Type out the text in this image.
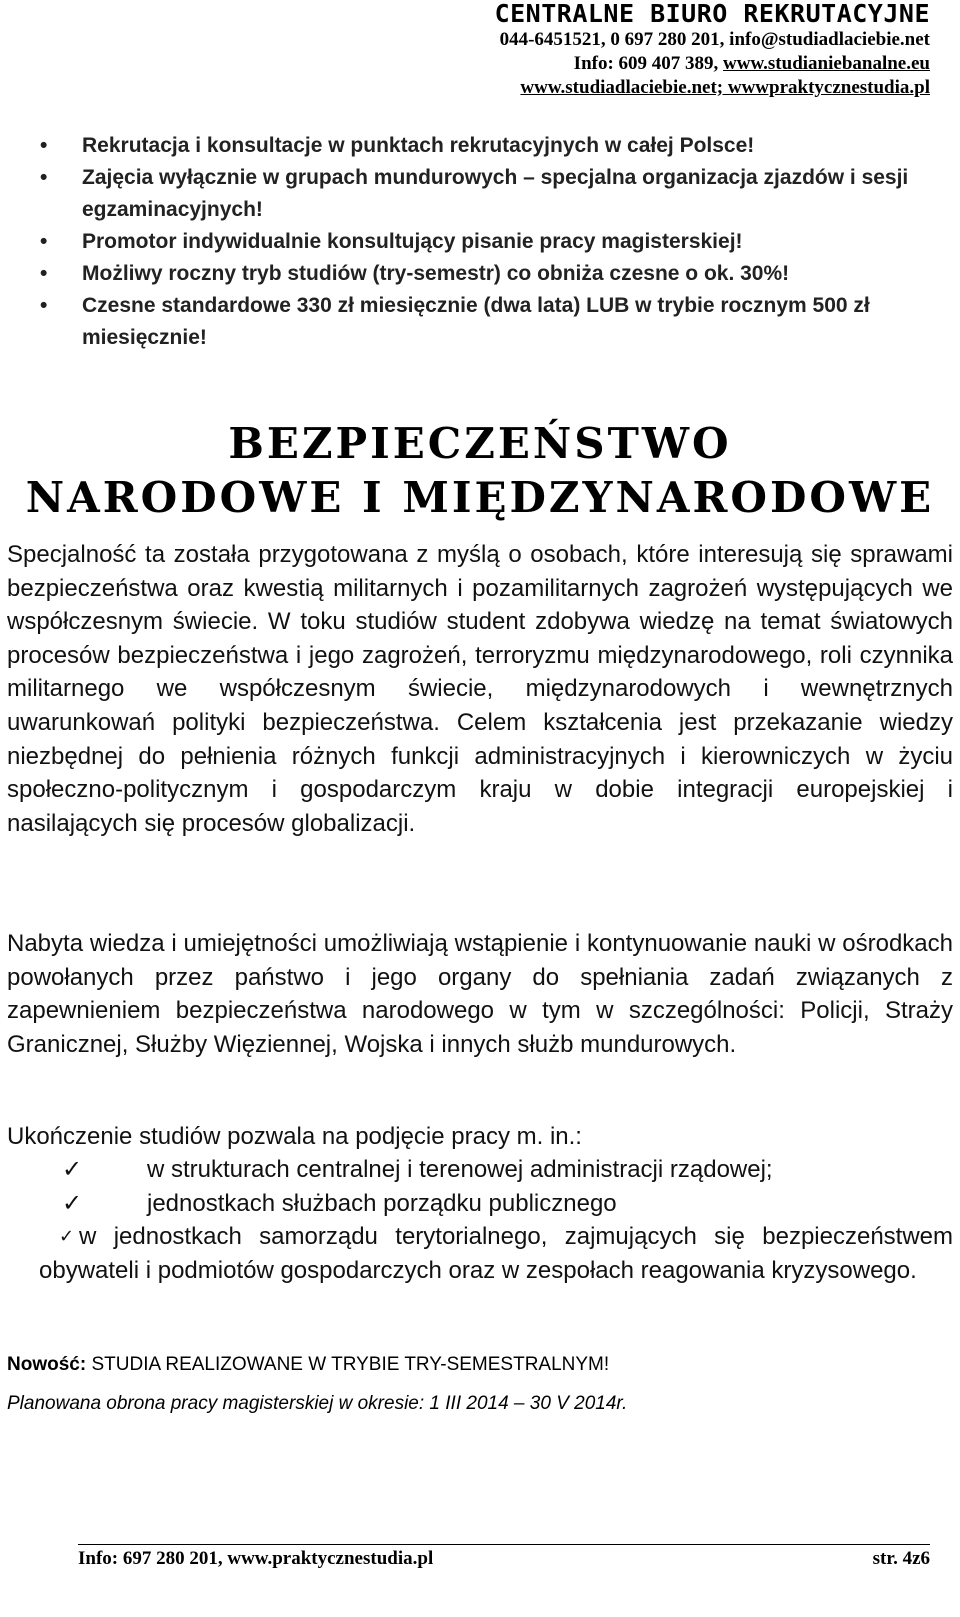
CENTRALNE BIURO REKRUTACYJNE
044-6451521, 0 697 280 201, info@studiadlaciebie.net
Info: 609 407 389, www.studianiebanalne.eu
www.studiadlaciebie.net; wwwpraktycznestudia.pl
• Rekrutacja i konsultacje w punktach rekrutacyjnych w całej Polsce!
• Zajęcia wyłącznie w grupach mundurowych – specjalna organizacja zjazdów i sesji egzaminacyjnych!
• Promotor indywidualnie konsultujący pisanie pracy magisterskiej!
• Możliwy roczny tryb studiów (try-semestr) co obniża czesne o ok. 30%!
• Czesne standardowe 330 zł miesięcznie (dwa lata) LUB w trybie rocznym 500 zł miesięcznie!
BEZPIECZEŃSTWO
NARODOWE I MIĘDZYNARODOWE

Specjalność ta została przygotowana z myślą o osobach, które interesują się sprawami bezpieczeństwa oraz kwestią militarnych i pozamilitarnych zagrożeń występujących we współczesnym świecie. W toku studiów student zdobywa wiedzę na temat światowych procesów bezpieczeństwa i jego zagrożeń, terroryzmu międzynarodowego, roli czynnika militarnego we współczesnym świecie, międzynarodowych i wewnętrznych uwarunkowań polityki bezpieczeństwa. Celem kształcenia jest przekazanie wiedzy niezbędnej do pełnienia różnych funkcji administracyjnych i kierowniczych w życiu społeczno-politycznym i gospodarczym kraju w dobie integracji europejskiej i nasilających się procesów globalizacji.

Nabyta wiedza i umiejętności umożliwiają wstąpienie i kontynuowanie nauki w ośrodkach powołanych przez państwo i jego organy do spełniania zadań związanych z zapewnieniem bezpieczeństwa narodowego w tym w szczególności: Policji, Straży Granicznej, Służby Więziennej, Wojska i innych służb mundurowych.

Ukończenie studiów pozwala na podjęcie pracy m. in.:

✓	w strukturach centralnej i terenowej administracji rządowej;
✓	jednostkach służbach porządku publicznego
✓ w jednostkach samorządu terytorialnego, zajmujących się bezpieczeństwem obywateli i podmiotów gospodarczych oraz w zespołach reagowania kryzysowego.
Nowość: STUDIA REALIZOWANE W TRYBIE TRY-SEMESTRALNYM!
Planowana obrona pracy magisterskiej w okresie: 1 III 2014 – 30 V 2014r.
Info: 697 280 201, www.praktycznestudia.pl	str. 4z6
